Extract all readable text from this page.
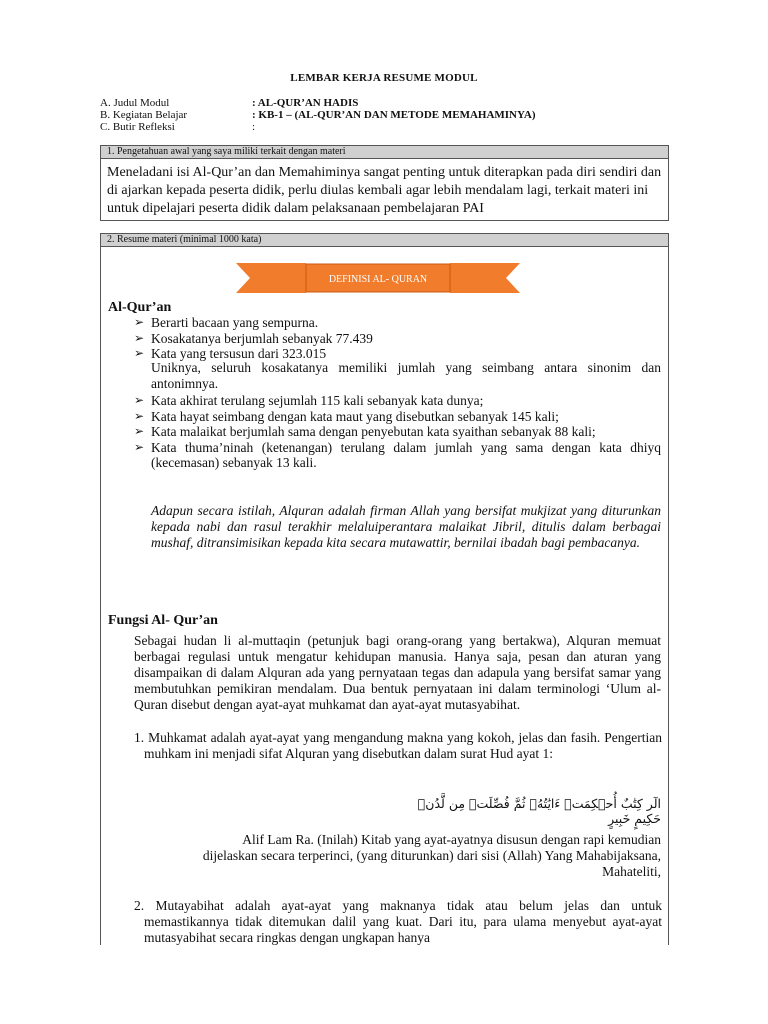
LEMBAR KERJA RESUME MODUL
A. Judul Modul	: AL-QUR’AN HADIS
B. Kegiatan Belajar	: KB-1 – (AL-QUR’AN DAN METODE MEMAHAMINYA)
C. Butir Refleksi	:
1. Pengetahuan awal yang saya miliki terkait dengan materi
Meneladani isi Al-Qur’an dan Memahiminya sangat penting untuk diterapkan pada diri sendiri dan di ajarkan kepada peserta didik, perlu diulas kembali agar lebih mendalam lagi, terkait materi ini untuk dipelajari peserta didik dalam pelaksanaan pembelajaran PAI
2. Resume materi (minimal 1000 kata)
DEFINISI AL- QURAN
Al-Qur’an
➢ Berarti bacaan yang sempurna.
➢ Kosakatanya berjumlah sebanyak 77.439
➢ Kata yang tersusun dari 323.015
Uniknya, seluruh kosakatanya memiliki jumlah yang seimbang antara sinonim dan antonimnya.
➢ Kata akhirat terulang sejumlah 115 kali sebanyak kata dunya;
➢ Kata hayat seimbang dengan kata maut yang disebutkan sebanyak 145 kali;
➢ Kata malaikat berjumlah sama dengan penyebutan kata syaithan sebanyak 88 kali;
➢ Kata thuma’ninah (ketenangan) terulang dalam jumlah yang sama dengan kata dhiyq (kecemasan) sebanyak 13 kali.
Adapun secara istilah, Alquran adalah firman Allah yang bersifat mukjizat yang diturunkan kepada nabi dan rasul terakhir melaluiperantara malaikat Jibril, ditulis dalam berbagai mushaf, ditransimisikan kepada kita secara mutawattir, bernilai ibadah bagi pembacanya.
Fungsi Al- Qur’an
Sebagai hudan li al-muttaqin (petunjuk bagi orang-orang yang bertakwa), Alquran memuat berbagai regulasi untuk mengatur kehidupan manusia. Hanya saja, pesan dan aturan yang disampaikan di dalam Alquran ada yang pernyataan tegas dan adapula yang bersifat samar yang membutuhkan pemikiran mendalam. Dua bentuk pernyataan ini dalam terminologi ‘Ulum al-Quran disebut dengan ayat-ayat muhkamat dan ayat-ayat mutasyabihat.
1. Muhkamat adalah ayat-ayat yang mengandung makna yang kokoh, jelas dan fasih. Pengertian muhkam ini menjadi sifat Alquran yang disebutkan dalam surat Hud ayat 1:
الٓر كِتَٰبٌ أُحۡكِمَتۡ ءَايَٰتُهُۥ ثُمَّ فُصِّلَتۡ مِن لَّدُنۡ حَكِيمٍ خَبِيرٍ
Alif Lam Ra. (Inilah) Kitab yang ayat-ayatnya disusun dengan rapi kemudian dijelaskan secara terperinci, (yang diturunkan) dari sisi (Allah) Yang Mahabijaksana, Mahateliti,
2. Mutayabihat adalah ayat-ayat yang maknanya tidak atau belum jelas dan untuk memastikannya tidak ditemukan dalil yang kuat. Dari itu, para ulama menyebut ayat-ayat mutasyabihat secara ringkas dengan ungkapan hanya
